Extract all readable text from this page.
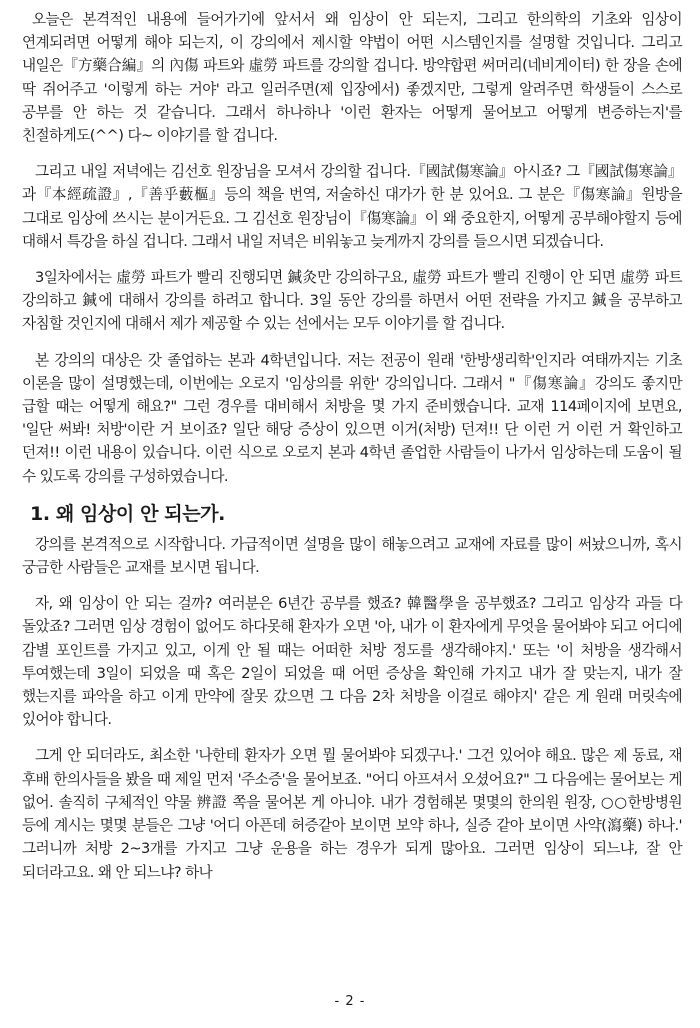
오늘은 본격적인 내용에 들어가기에 앞서서 왜 임상이 안 되는지, 그리고 한의학의 기초와 임상이 연계되려면 어떻게 해야 되는지, 이 강의에서 제시할 약법이 어떤 시스템인지를 설명할 것입니다. 그리고 내일은『方藥合編』의 內傷 파트와 虛勞 파트를 강의할 겁니다. 방약합편 써머리(네비게이터) 한 장을 손에 딱 쥐어주고 '이렇게 하는 거야' 라고 일러주면(제 입장에서) 좋겠지만, 그렇게 알려주면 학생들이 스스로 공부를 안 하는 것 같습니다. 그래서 하나하나 '이런 환자는 어떻게 물어보고 어떻게 변증하는지'를 친절하게도(^^) 다~ 이야기를 할 겁니다.

그리고 내일 저녁에는 김선호 원장님을 모셔서 강의할 겁니다.『國試傷寒論』아시죠? 그『國試傷寒論』과『本經疏證』,『善乎藪樞』등의 책을 번역, 저술하신 대가가 한 분 있어요. 그 분은『傷寒論』원방을 그대로 임상에 쓰시는 분이거든요. 그 김선호 원장님이『傷寒論』이 왜 중요한지, 어떻게 공부해야할지 등에 대해서 특강을 하실 겁니다. 그래서 내일 저녁은 비워놓고 늦게까지 강의를 들으시면 되겠습니다.

3일차에서는 虛勞 파트가 빨리 진행되면 鍼灸만 강의하구요, 虛勞 파트가 빨리 진행이 안 되면 虛勞 파트 강의하고 鍼에 대해서 강의를 하려고 합니다. 3일 동안 강의를 하면서 어떤 전략을 가지고 鍼을 공부하고 자침할 것인지에 대해서 제가 제공할 수 있는 선에서는 모두 이야기를 할 겁니다.

본 강의의 대상은 갓 졸업하는 본과 4학년입니다. 저는 전공이 원래 '한방생리학'인지라 여태까지는 기초 이론을 많이 설명했는데, 이번에는 오로지 '임상의를 위한' 강의입니다. 그래서 "『傷寒論』강의도 좋지만 급할 때는 어떻게 해요?" 그런 경우를 대비해서 처방을 몇 가지 준비했습니다. 교재 114페이지에 보면요, '일단 써봐! 처방'이란 거 보이죠? 일단 해당 증상이 있으면 이거(처방) 던져!! 단 이런 거 이런 거 확인하고 던져!! 이런 내용이 있습니다. 이런 식으로 오로지 본과 4학년 졸업한 사람들이 나가서 임상하는데 도움이 될 수 있도록 강의를 구성하였습니다.

1. 왜 임상이 안 되는가.

강의를 본격적으로 시작합니다. 가급적이면 설명을 많이 해놓으려고 교재에 자료를 많이 써놨으니까, 혹시 궁금한 사람들은 교재를 보시면 됩니다.

자, 왜 임상이 안 되는 걸까? 여러분은 6년간 공부를 했죠? 韓醫學을 공부했죠? 그리고 임상각 과들 다 돌았죠? 그러면 임상 경험이 없어도 하다못해 환자가 오면 '아, 내가 이 환자에게 무엇을 물어봐야 되고 어디에 감별 포인트를 가지고 있고, 이게 안 될 때는 어떠한 처방 정도를 생각해야지.' 또는 '이 처방을 생각해서 투여했는데 3일이 되었을 때 혹은 2일이 되었을 때 어떤 증상을 확인해 가지고 내가 잘 맞는지, 내가 잘 했는지를 파악을 하고 이게 만약에 잘못 갔으면 그 다음 2차 처방을 이걸로 해야지' 같은 게 원래 머릿속에 있어야 합니다.

그게 안 되더라도, 최소한 '나한테 환자가 오면 뭘 물어봐야 되겠구나.' 그건 있어야 해요. 많은 제 동료, 재 후배 한의사들을 봤을 때 제일 먼저 '주소증'을 물어보죠. "어디 아프셔서 오셨어요?" 그 다음에는 물어보는 게 없어. 솔직히 구체적인 약물 辨證 쪽을 물어본 게 아니야. 내가 경험해본 몇몇의 한의원 원장, ○○한방병원 등에 계시는 몇몇 분들은 그냥 '어디 아픈데 허증같아 보이면 보약 하나, 실증 같아 보이면 사약(瀉藥) 하나.' 그러니까 처방 2~3개를 가지고 그냥 운용을 하는 경우가 되게 많아요. 그러면 임상이 되느냐, 잘 안 되더라고요. 왜 안 되느냐? 하나

- 2 -
